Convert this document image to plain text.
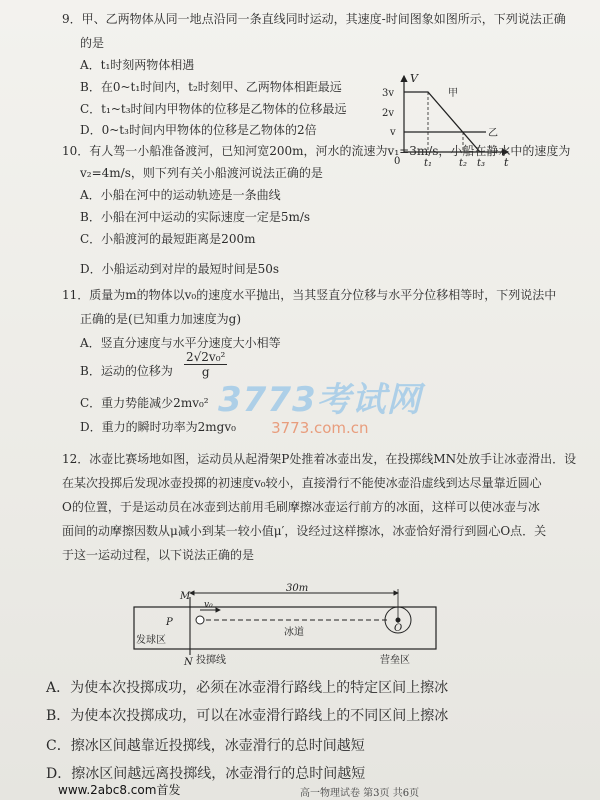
9．甲、乙两物体从同一地点沿同一条直线同时运动，其速度-时间图象如图所示，下列说法正确
的是
A．t₁时刻两物体相遇
B．在0~t₁时间内，t₂时刻甲、乙两物体相距最远
C．t₁~t₃时间内甲物体的位移是乙物体的位移最远
D．0~t₃时间内甲物体的位移是乙物体的2倍
V
t
0
3v
2v
v
t₁	t₂ t₃
甲
乙
10．有人驾一小船准备渡河，已知河宽200m，河水的流速为v₁=3m/s，小船在静水中的速度为
v₂=4m/s，则下列有关小船渡河说法正确的是
A．小船在河中的运动轨迹是一条曲线
B．小船在河中运动的实际速度一定是5m/s
C．小船渡河的最短距离是200m
D．小船运动到对岸的最短时间是50s
11．质量为m的物体以v₀的速度水平抛出，当其竖直分位移与水平分位移相等时，下列说法中
正确的是(已知重力加速度为g)
A．竖直分速度与水平分速度大小相等
B．运动的位移为 $\frac{\text{2√2v₀²}}{g}$
C．重力势能减少2mv₀²
D．重力的瞬时功率为2mgv₀
3773考试网
3773.com.cn
12．冰壶比赛场地如图，运动员从起滑架P处推着冰壶出发，在投掷线MN处放手让冰壶滑出．设
在某次投掷后发现冰壶投掷的初速度v₀较小，直接滑行不能使冰壶沿虚线到达尽量靠近圆心
O的位置，于是运动员在冰壶到达前用毛刷摩擦冰壶运行前方的冰面，这样可以使冰壶与冰
面间的动摩擦因数从μ减小到某一较小值μ′，设经过这样擦冰，冰壶恰好滑行到圆心O点．关
于这一运动过程，以下说法正确的是
30m
v₀
O
M
N
P
发球区
冰道
投掷线	营垒区
A．为使本次投掷成功，必须在冰壶滑行路线上的特定区间上擦冰
B．为使本次投掷成功，可以在冰壶滑行路线上的不同区间上擦冰
C．擦冰区间越靠近投掷线，冰壶滑行的总时间越短
D．擦冰区间越远离投掷线，冰壶滑行的总时间越短
www.2abc8.com首发	高一物理试卷 第3页 共6页
